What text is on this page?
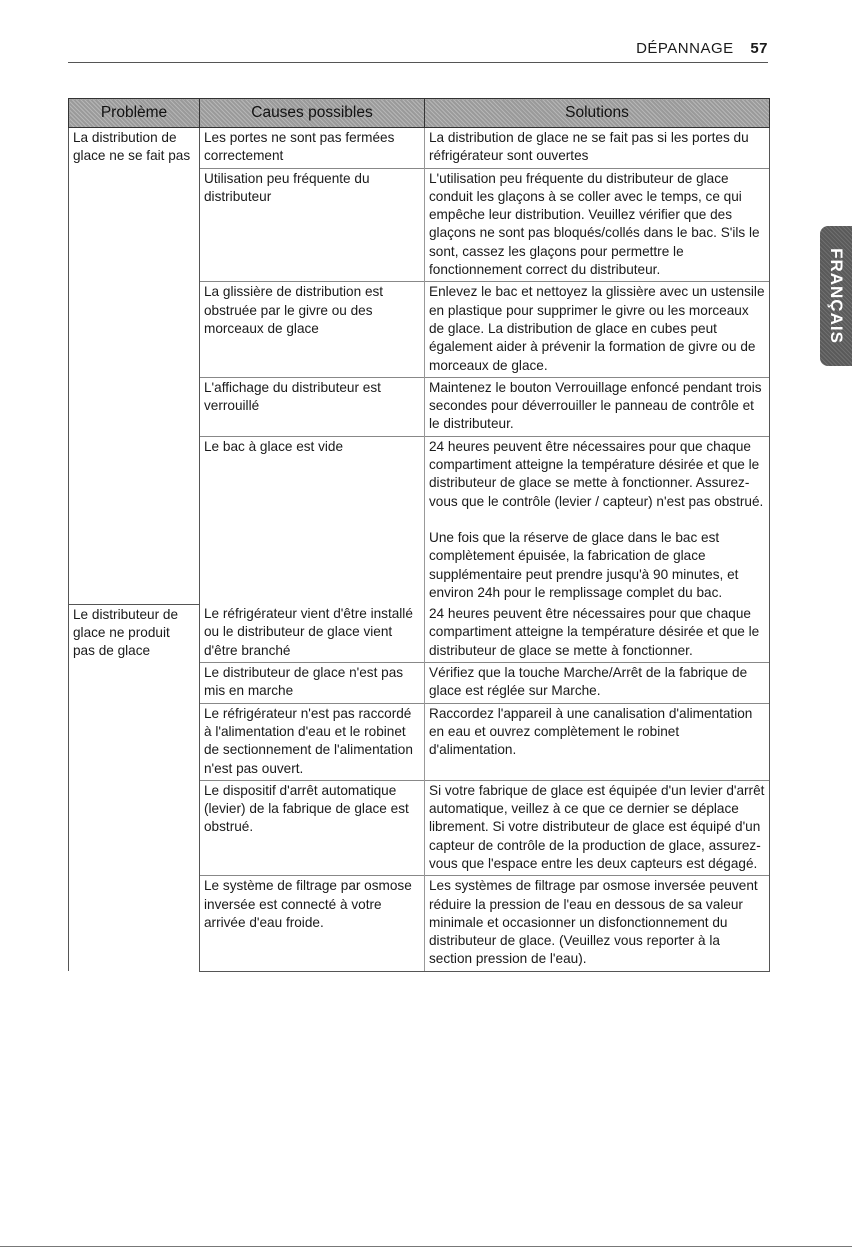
DÉPANNAGE 57
FRANÇAIS
Problème	Causes possibles	Solutions
La distribution de glace ne se fait pas	Les portes ne sont pas fermées correctement	La distribution de glace ne se fait pas si les portes du réfrigérateur sont ouvertes

	Utilisation peu fréquente du distributeur	L'utilisation peu fréquente du distributeur de glace conduit les glaçons à se coller avec le temps, ce qui empêche leur distribution. Veuillez vérifier que des glaçons ne sont pas bloqués/collés dans le bac. S'ils le sont, cassez les glaçons pour permettre le fonctionnement correct du distributeur.

	La glissière de distribution est obstruée par le givre ou des morceaux de glace	Enlevez le bac et nettoyez la glissière avec un ustensile en plastique pour supprimer le givre ou les morceaux de glace. La distribution de glace en cubes peut également aider à prévenir la formation de givre ou de morceaux de glace.

	L'affichage du distributeur est verrouillé	Maintenez le bouton Verrouillage enfoncé pendant trois secondes pour déverrouiller le panneau de contrôle et le distributeur.

	Le bac à glace est vide	24 heures peuvent être nécessaires pour que chaque compartiment atteigne la température désirée et que le distributeur de glace se mette à fonctionner. Assurez-vous que le contrôle (levier / capteur) n'est pas obstrué.

Une fois que la réserve de glace dans le bac est complètement épuisée, la fabrication de glace supplémentaire peut prendre jusqu'à 90 minutes, et environ 24h pour le remplissage complet du bac.

Le distributeur de glace ne produit pas de glace	Le réfrigérateur vient d'être installé ou le distributeur de glace vient d'être branché	24 heures peuvent être nécessaires pour que chaque compartiment atteigne la température désirée et que le distributeur de glace se mette à fonctionner.

	Le distributeur de glace n'est pas mis en marche	Vérifiez que la touche Marche/Arrêt de la fabrique de glace est réglée sur Marche.

	Le réfrigérateur n'est pas raccordé à l'alimentation d'eau et le robinet de sectionnement de l'alimentation n'est pas ouvert.	Raccordez l'appareil à une canalisation d'alimentation en eau et ouvrez complètement le robinet d'alimentation.

	Le dispositif d'arrêt automatique (levier) de la fabrique de glace est obstrué.	Si votre fabrique de glace est équipée d'un levier d'arrêt automatique, veillez à ce que ce dernier se déplace librement. Si votre distributeur de glace est équipé d'un capteur de contrôle de la production de glace, assurez-vous que l'espace entre les deux capteurs est dégagé.

	Le système de filtrage par osmose inversée est connecté à votre arrivée d'eau froide.	Les systèmes de filtrage par osmose inversée peuvent réduire la pression de l'eau en dessous de sa valeur minimale et occasionner un disfonctionnement du distributeur de glace. (Veuillez vous reporter à la section pression de l'eau).
